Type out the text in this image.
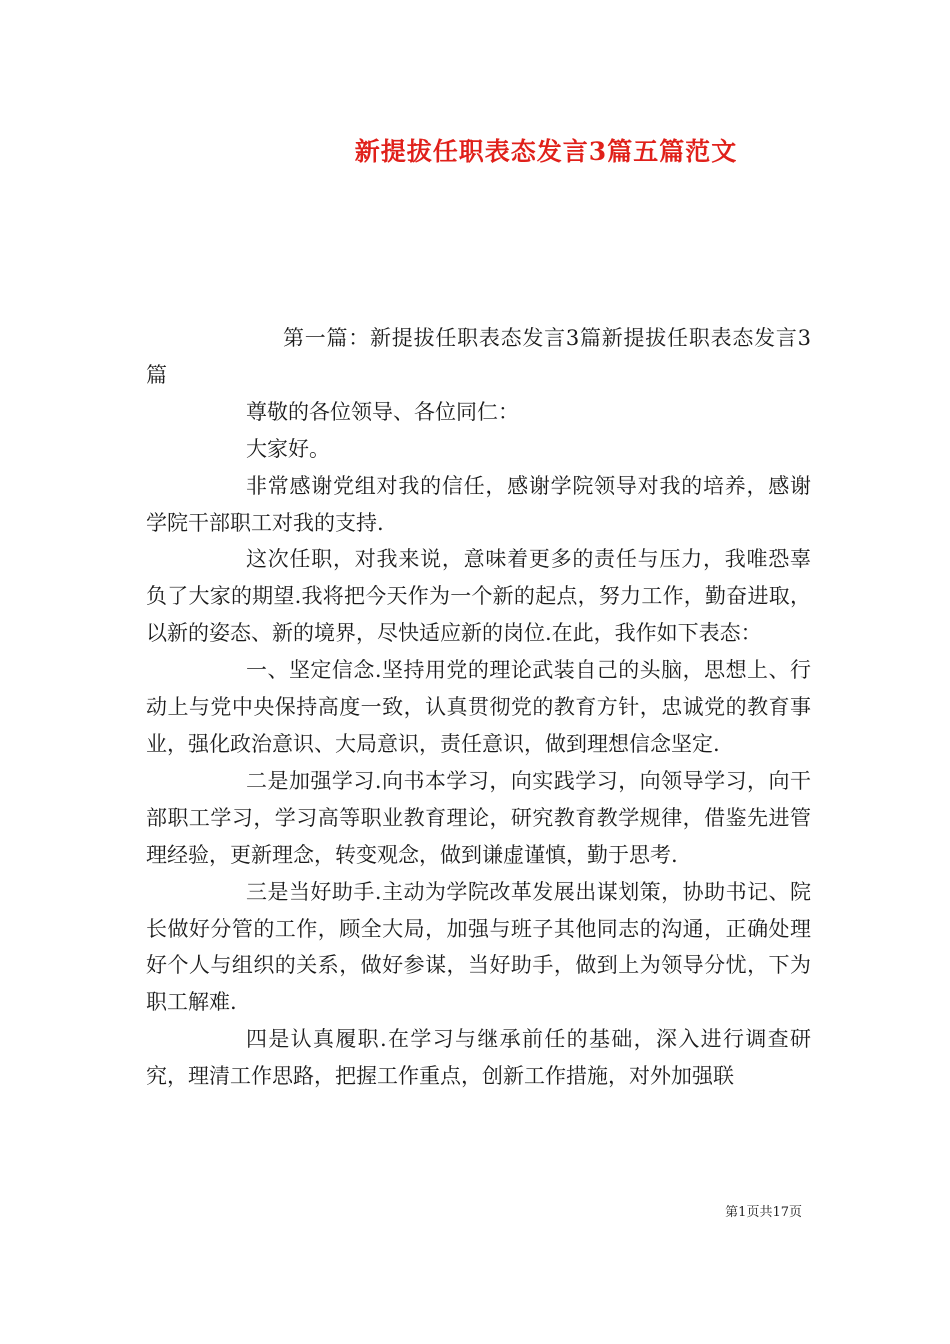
新提拔任职表态发言3篇五篇范文

第一篇：新提拔任职表态发言3篇新提拔任职表态发言3篇

尊敬的各位领导、各位同仁：

大家好。

非常感谢党组对我的信任，感谢学院领导对我的培养，感谢学院干部职工对我的支持.

这次任职，对我来说，意味着更多的责任与压力，我唯恐辜负了大家的期望.我将把今天作为一个新的起点，努力工作，勤奋进取，以新的姿态、新的境界，尽快适应新的岗位.在此，我作如下表态：

一、坚定信念.坚持用党的理论武装自己的头脑，思想上、行动上与党中央保持高度一致，认真贯彻党的教育方针，忠诚党的教育事业，强化政治意识、大局意识，责任意识，做到理想信念坚定.

二是加强学习.向书本学习，向实践学习，向领导学习，向干部职工学习，学习高等职业教育理论，研究教育教学规律，借鉴先进管理经验，更新理念，转变观念，做到谦虚谨慎，勤于思考.

三是当好助手.主动为学院改革发展出谋划策，协助书记、院长做好分管的工作，顾全大局，加强与班子其他同志的沟通，正确处理好个人与组织的关系，做好参谋，当好助手，做到上为领导分忧，下为职工解难.

四是认真履职.在学习与继承前任的基础，深入进行调查研究，理清工作思路，把握工作重点，创新工作措施，对外加强联

第1页共17页
